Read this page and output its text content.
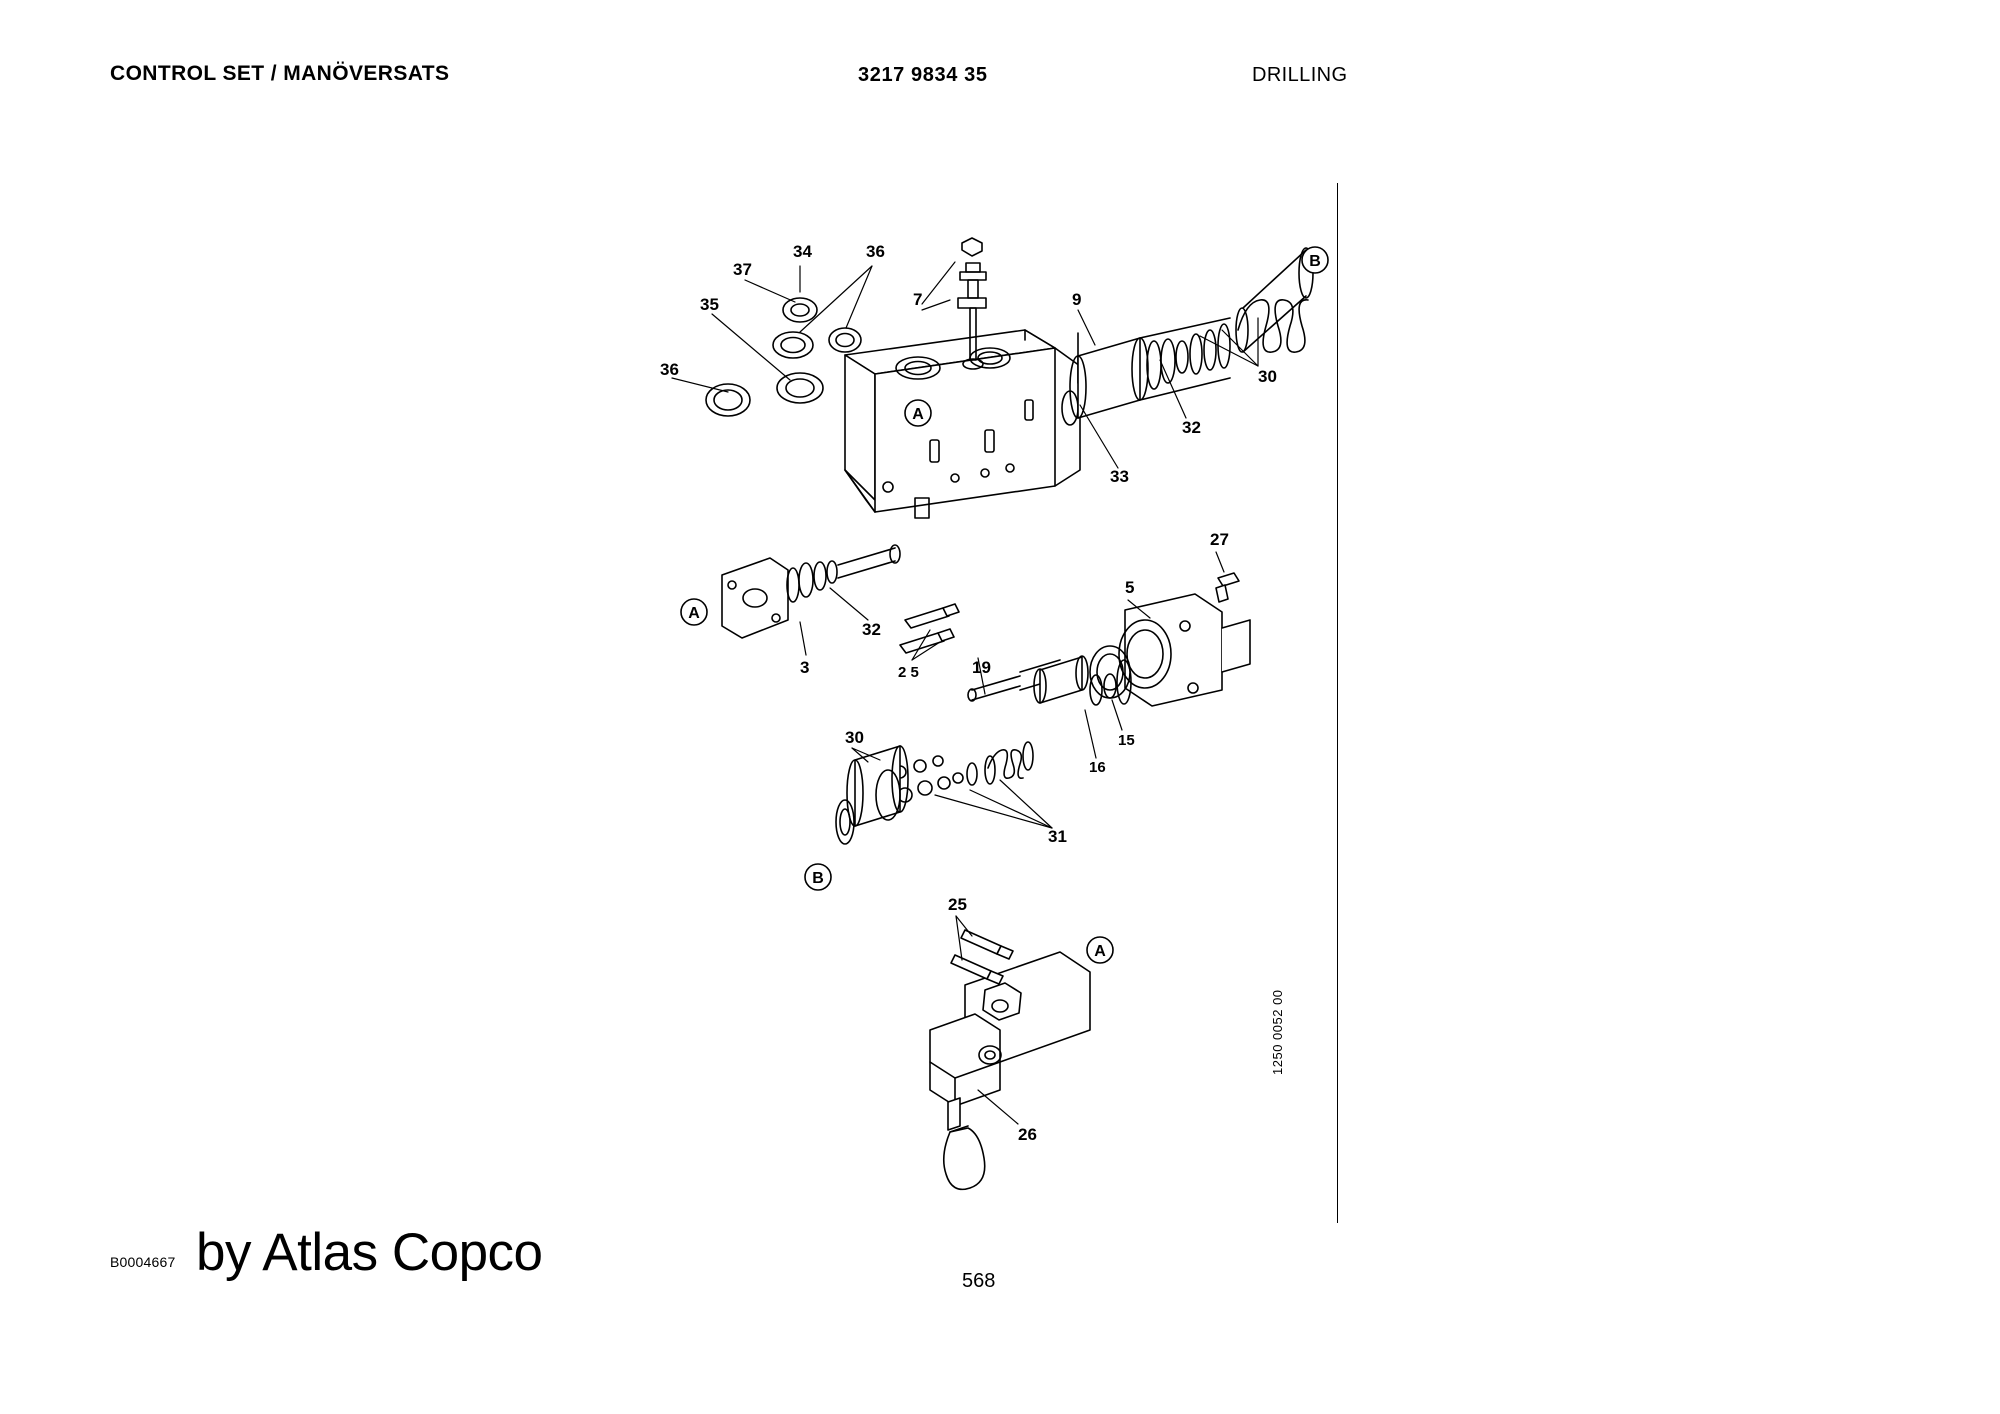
CONTROL SET / MANÖVERSATS	3217 9834 35	DRILLING
1250 0052 00
A
B
A
B
A
36
35
37
34	36
7	9
30
32
33
3
32
2 5	19
5
27
15
16
30
31
25
26
B0004667 by Atlas Copco	568
